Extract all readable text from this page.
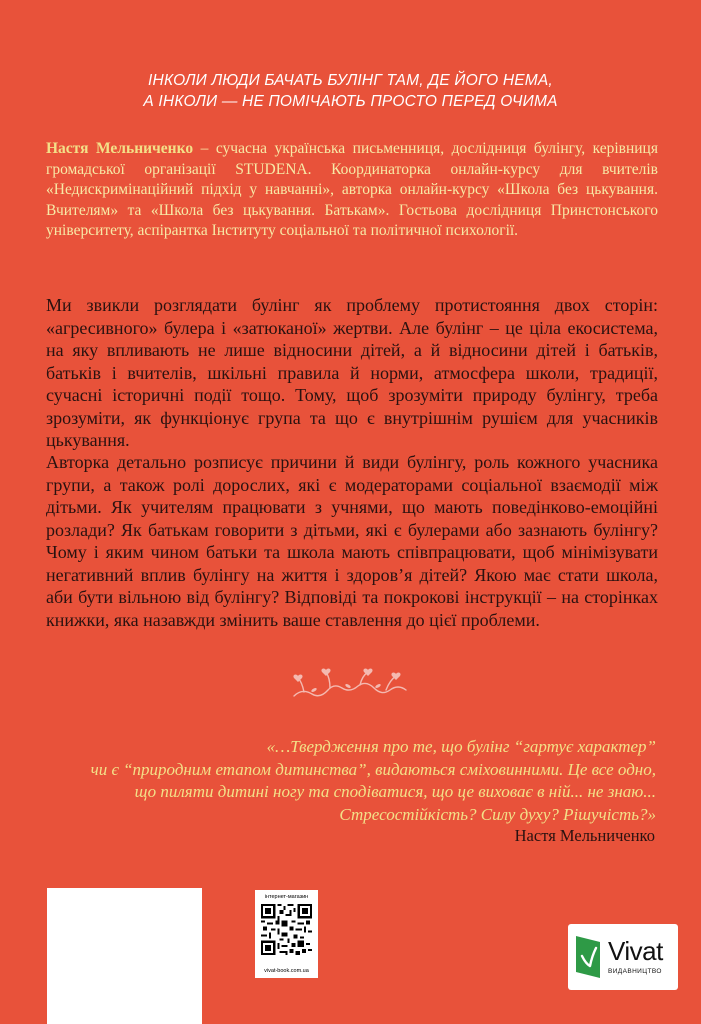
ІНКОЛИ ЛЮДИ БАЧАТЬ БУЛІНГ ТАМ, ДЕ ЙОГО НЕМА,
А ІНКОЛИ — НЕ ПОМІЧАЮТЬ ПРОСТО ПЕРЕД ОЧИМА
Настя Мельниченко – сучасна українська письменниця, дослідниця булінгу, керівниця громадської організації STUDENA. Координаторка онлайн-курсу для вчителів «Недискримінаційний підхід у навчанні», авторка онлайн-курсу «Школа без цькування. Вчителям» та «Школа без цькування. Батькам». Гостьова дослідниця Принстонського університету, аспірантка Інституту соціальної та політичної психології.
Ми звикли розглядати булінг як проблему протистояння двох сторін: «агресивного» булера і «затюканої» жертви. Але булінг – це ціла екосистема, на яку впливають не лише відносини дітей, а й відносини дітей і батьків, батьків і вчителів, шкільні правила й норми, атмосфера школи, традиції, сучасні історичні події тощо. Тому, щоб зрозуміти природу булінгу, треба зрозуміти, як функціонує група та що є внутрішнім рушієм для учасників цькування.
Авторка детально розписує причини й види булінгу, роль кожного учасника групи, а також ролі дорослих, які є модераторами соціальної взаємодії між дітьми. Як учителям працювати з учнями, що мають поведінково-емоційні розлади? Як батькам говорити з дітьми, які є булерами або зазнають булінгу? Чому і яким чином батьки та школа мають співпрацювати, щоб мінімізувати негативний вплив булінгу на життя і здоров’я дітей? Якою має стати школа, аби бути вільною від булінгу? Відповіді та покрокові інструкції – на сторінках книжки, яка назавжди змінить ваше ставлення до цієї проблеми.
«…Твердження про те, що булінг “гартує характер”
чи є “природним етапом дитинства”, видаються сміховинними. Це все одно,
що пиляти дитині ногу та сподіватися, що це виховає в ній... не знаю...
Стресостійкість? Силу духу? Рішучість?»
Настя Мельниченко
інтернет-магазин
vivat-book.com.ua
Vivat
ВИДАВНИЦТВО
